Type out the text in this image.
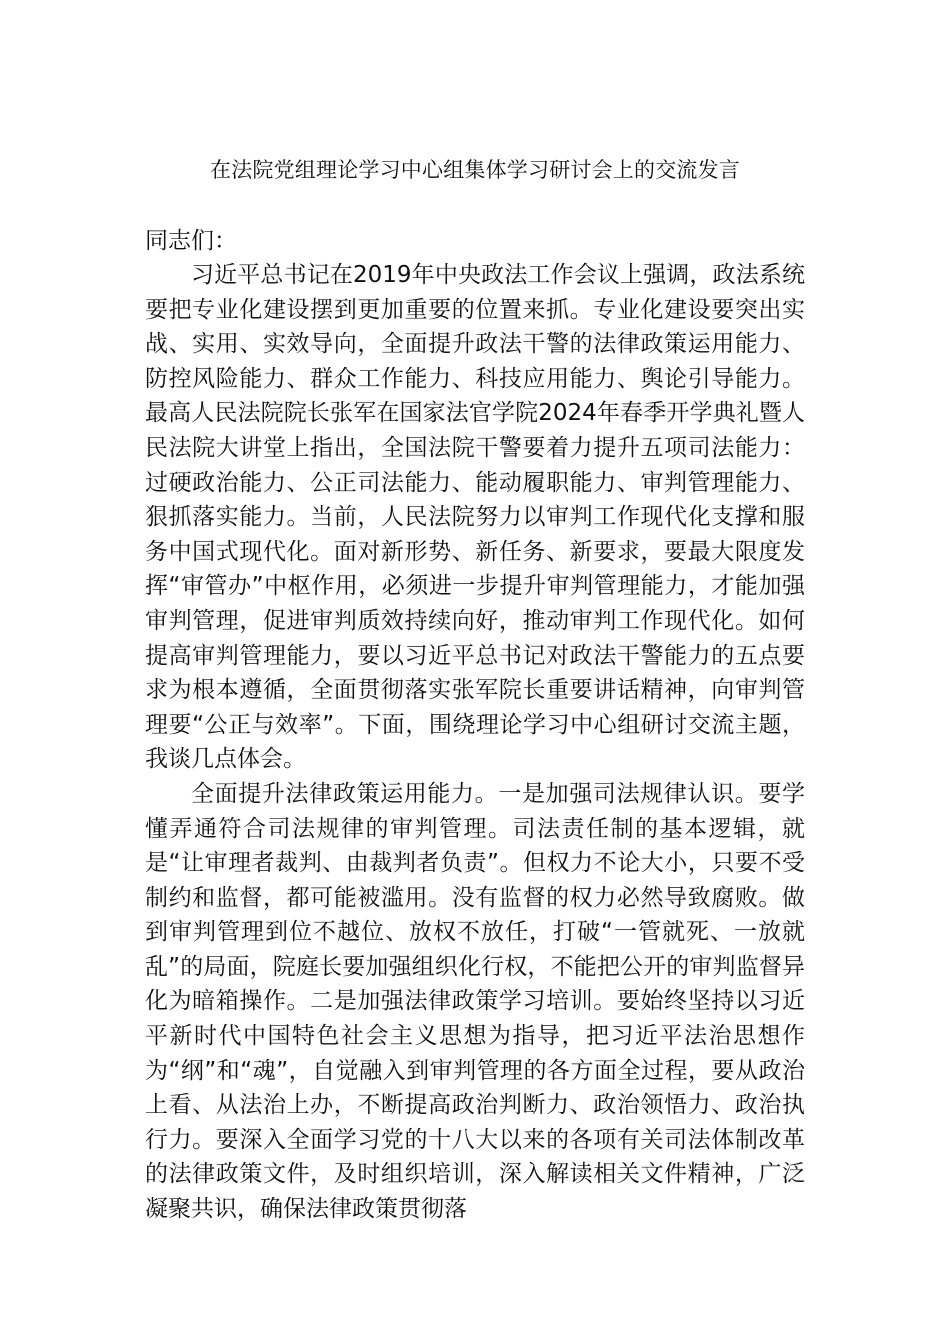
在法院党组理论学习中心组集体学习研讨会上的交流发言

同志们：

习近平总书记在2019年中央政法工作会议上强调，政法系统要把专业化建设摆到更加重要的位置来抓。专业化建设要突出实战、实用、实效导向，全面提升政法干警的法律政策运用能力、防控风险能力、群众工作能力、科技应用能力、舆论引导能力。最高人民法院院长张军在国家法官学院2024年春季开学典礼暨人民法院大讲堂上指出，全国法院干警要着力提升五项司法能力：过硬政治能力、公正司法能力、能动履职能力、审判管理能力、狠抓落实能力。当前，人民法院努力以审判工作现代化支撑和服务中国式现代化。面对新形势、新任务、新要求，要最大限度发挥“审管办”中枢作用，必须进一步提升审判管理能力，才能加强审判管理，促进审判质效持续向好，推动审判工作现代化。如何提高审判管理能力，要以习近平总书记对政法干警能力的五点要求为根本遵循，全面贯彻落实张军院长重要讲话精神，向审判管理要“公正与效率”。下面，围绕理论学习中心组研讨交流主题，我谈几点体会。

全面提升法律政策运用能力。一是加强司法规律认识。要学懂弄通符合司法规律的审判管理。司法责任制的基本逻辑，就是“让审理者裁判、由裁判者负责”。但权力不论大小，只要不受制约和监督，都可能被滥用。没有监督的权力必然导致腐败。做到审判管理到位不越位、放权不放任，打破“一管就死、一放就乱”的局面，院庭长要加强组织化行权，不能把公开的审判监督异化为暗箱操作。二是加强法律政策学习培训。要始终坚持以习近平新时代中国特色社会主义思想为指导，把习近平法治思想作为“纲”和“魂”，自觉融入到审判管理的各方面全过程，要从政治上看、从法治上办，不断提高政治判断力、政治领悟力、政治执行力。要深入全面学习党的十八大以来的各项有关司法体制改革的法律政策文件，及时组织培训，深入解读相关文件精神，广泛凝聚共识，确保法律政策贯彻落
